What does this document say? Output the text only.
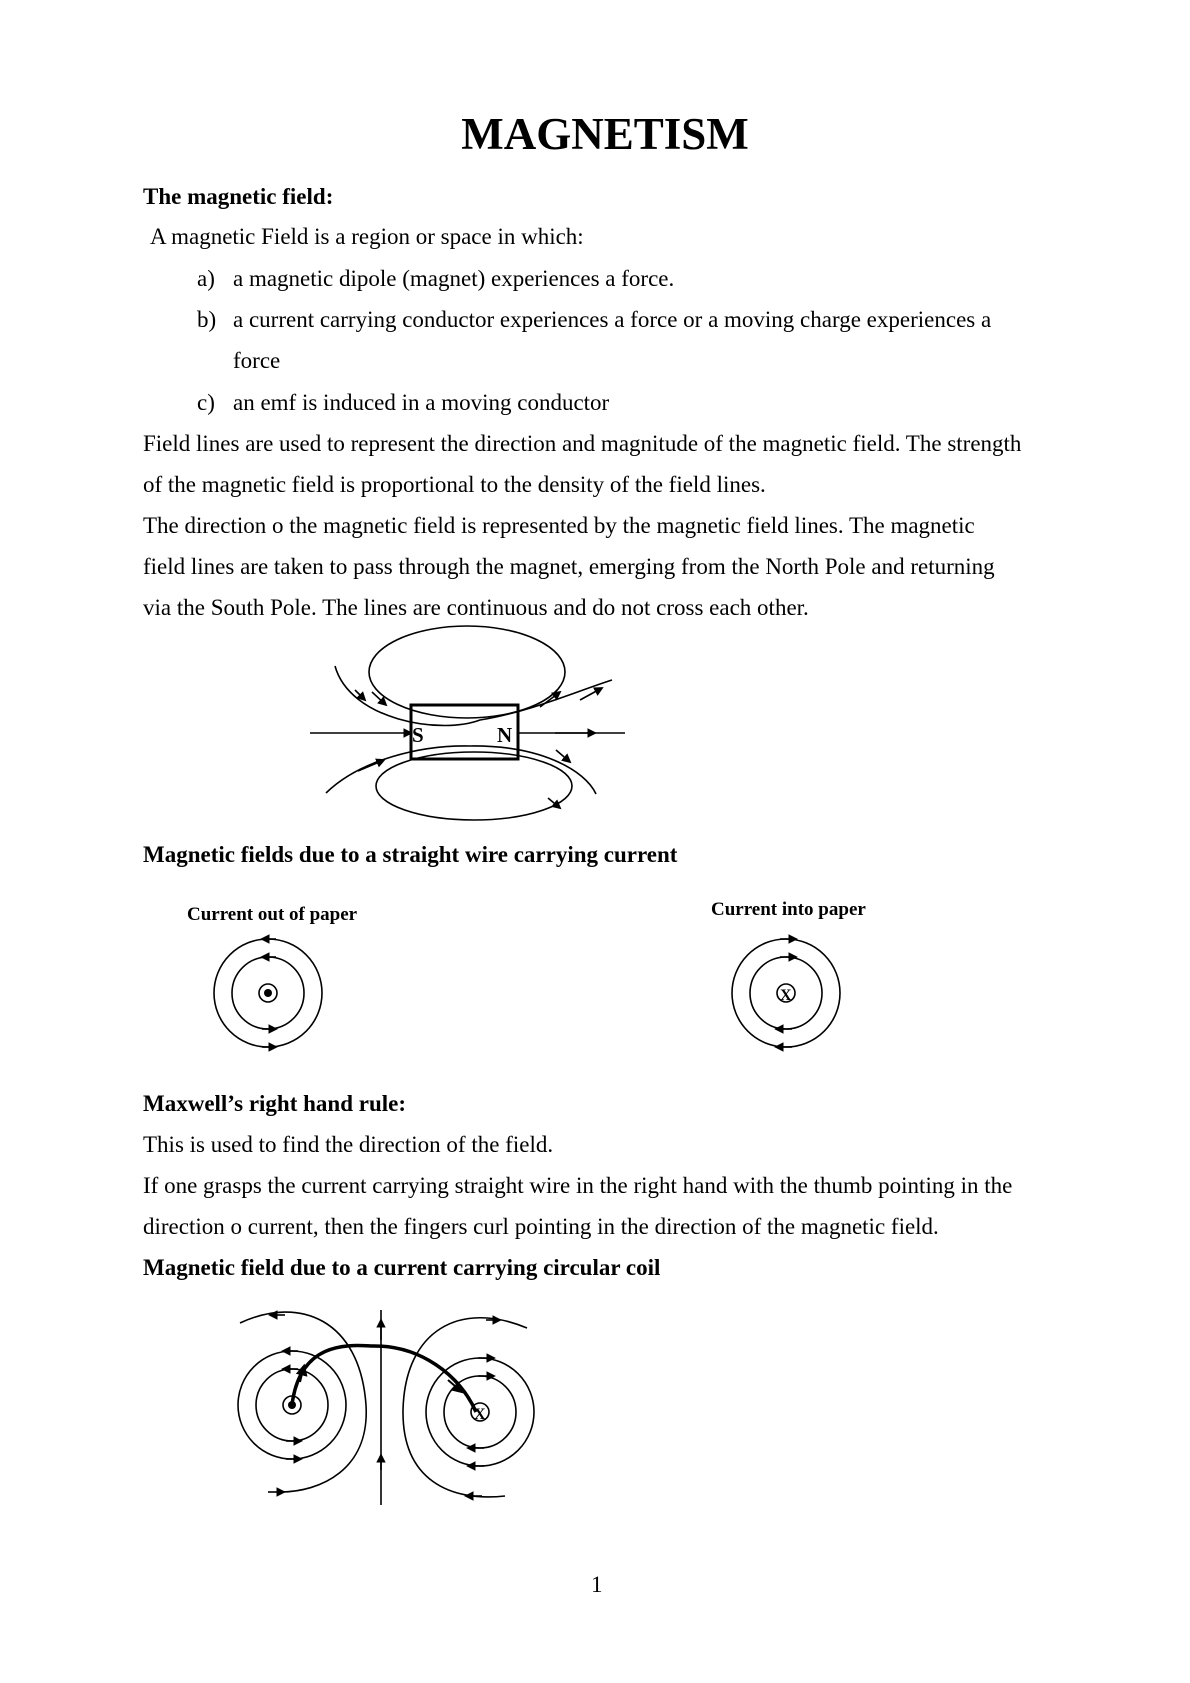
MAGNETISM
The magnetic field:
A magnetic Field is a region or space in which:
a) a magnetic dipole (magnet) experiences a force.
b) a current carrying conductor experiences a force or a moving charge experiences a
force
c) an emf is induced in a moving conductor
Field lines are used to represent the direction and magnitude of the magnetic field. The strength
of the magnetic field is proportional to the density of the field lines.
The direction o the magnetic field is represented by the magnetic field lines. The magnetic
field lines are taken to pass through the magnet, emerging from the North Pole and returning
via the South Pole. The lines are continuous and do not cross each other.
S	N
Magnetic fields due to a straight wire carrying current
Current out of paper	Current into paper
X
Maxwell’s right hand rule:
This is used to find the direction of the field.
If one grasps the current carrying straight wire in the right hand with the thumb pointing in the
direction o current, then the fingers curl pointing in the direction of the magnetic field.
Magnetic field due to a current carrying circular coil
X
1
